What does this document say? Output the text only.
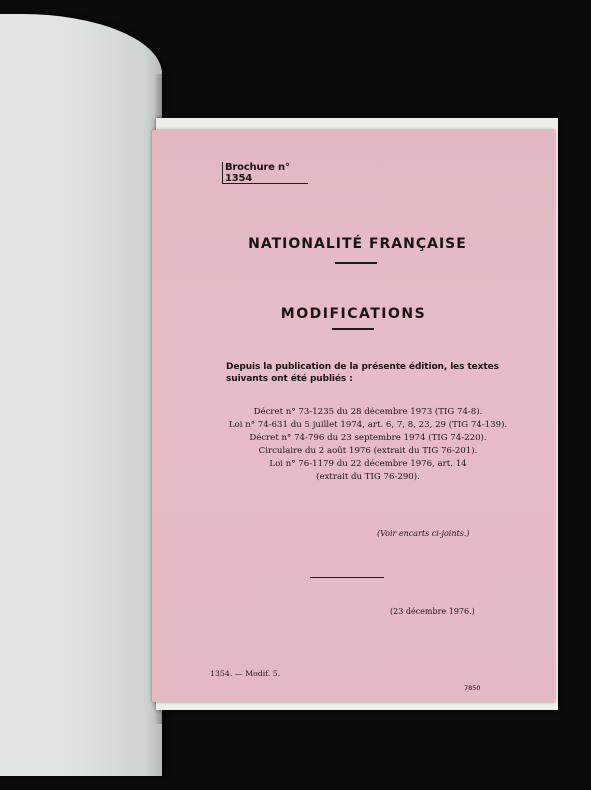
Brochure n° 1354
NATIONALITÉ FRANÇAISE
MODIFICATIONS
Depuis la publication de la présente édition, les textes
suivants ont été publiés :
Décret n° 73-1235 du 28 décembre 1973 (TIG 74-8).
Loi n° 74-631 du 5 juillet 1974, art. 6, 7, 8, 23, 29 (TIG 74-139).
Décret n° 74-796 du 23 septembre 1974 (TIG 74-220).
Circulaire du 2 août 1976 (extrait du TIG 76-201).
Loi n° 76-1179 du 22 décembre 1976, art. 14
(extrait du TIG 76-290).
(Voir encarts ci-joints.)
(23 décembre 1976.)
1354. — Modif. 5.
7850
